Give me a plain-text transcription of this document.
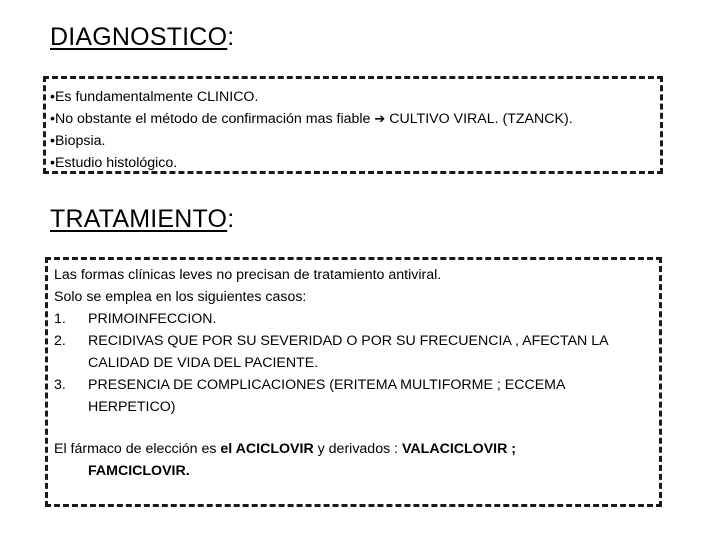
DIAGNOSTICO:
•Es fundamentalmente CLINICO.
•No obstante el método de confirmación mas fiable ➔ CULTIVO VIRAL. (TZANCK).
•Biopsia.
•Estudio histológico.
TRATAMIENTO:
Las formas clínicas leves no precisan de tratamiento antiviral.
Solo se emplea en los siguientes casos:
1. PRIMOINFECCION.
2. RECIDIVAS QUE POR SU SEVERIDAD O POR SU FRECUENCIA , AFECTAN LA
CALIDAD DE VIDA DEL PACIENTE.
3. PRESENCIA DE COMPLICACIONES (ERITEMA MULTIFORME ; ECCEMA
HERPETICO)
El fármaco de elección es el ACICLOVIR y derivados : VALACICLOVIR ;
FAMCICLOVIR.
